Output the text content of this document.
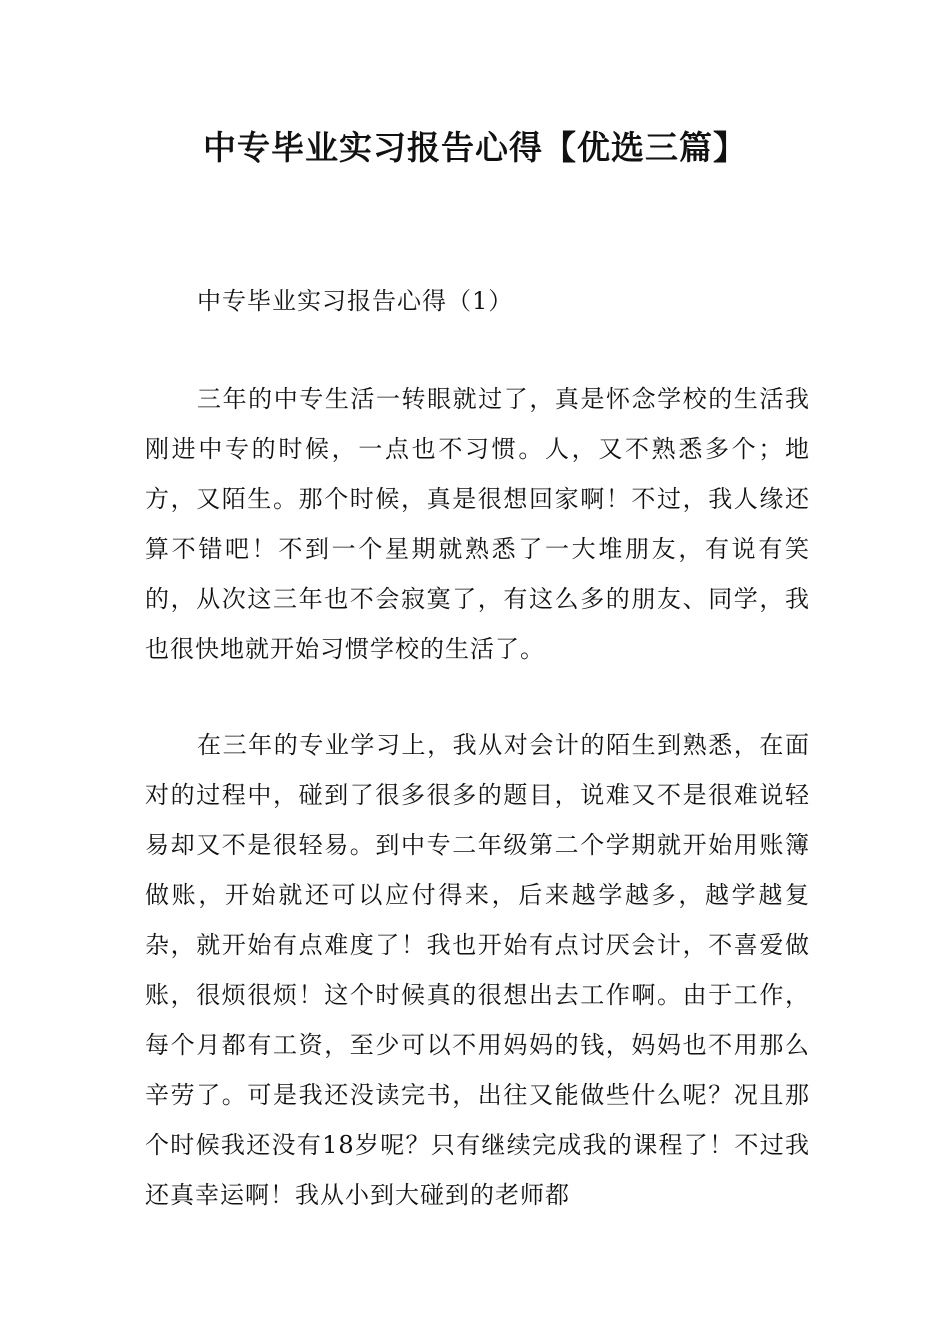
中专毕业实习报告心得【优选三篇】

中专毕业实习报告心得（1）

三年的中专生活一转眼就过了，真是怀念学校的生活我刚进中专的时候，一点也不习惯。人，又不熟悉多个；地方，又陌生。那个时候，真是很想回家啊！不过，我人缘还算不错吧！不到一个星期就熟悉了一大堆朋友，有说有笑的，从次这三年也不会寂寞了，有这么多的朋友、同学，我也很快地就开始习惯学校的生活了。

在三年的专业学习上，我从对会计的陌生到熟悉，在面对的过程中，碰到了很多很多的题目，说难又不是很难说轻易却又不是很轻易。到中专二年级第二个学期就开始用账簿做账，开始就还可以应付得来，后来越学越多，越学越复杂，就开始有点难度了！我也开始有点讨厌会计，不喜爱做账，很烦很烦！这个时候真的很想出去工作啊。由于工作，每个月都有工资，至少可以不用妈妈的钱，妈妈也不用那么辛劳了。可是我还没读完书，出往又能做些什么呢？况且那个时候我还没有18岁呢？只有继续完成我的课程了！不过我还真幸运啊！我从小到大碰到的老师都
